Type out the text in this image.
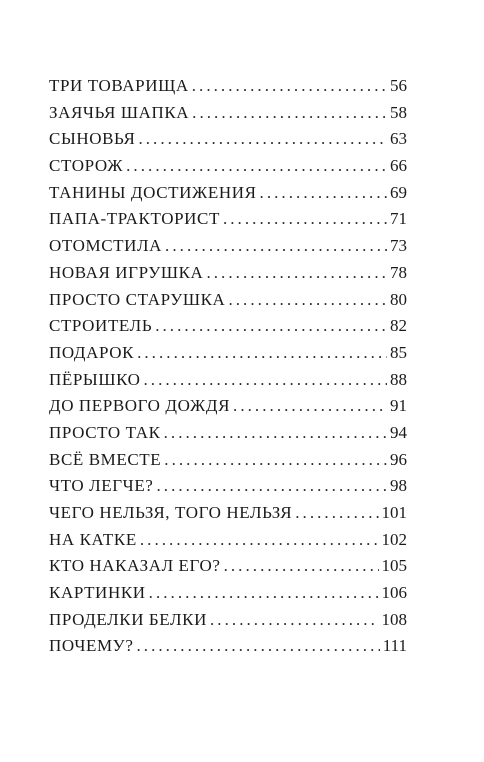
ТРИ ТОВАРИЩА . . .	56
ЗАЯЧЬЯ ШАПКА . . .	58
СЫНОВЬЯ . . .	63
СТОРОЖ . . .	66
ТАНИНЫ ДОСТИЖЕНИЯ . . .	69
ПАПА-ТРАКТОРИСТ . . .	71
ОТОМСТИЛА . . .	73
НОВАЯ ИГРУШКА . . .	78
ПРОСТО СТАРУШКА . . .	80
СТРОИТЕЛЬ . . .	82
ПОДАРОК . . .	85
ПЁРЫШКО . . .	88
ДО ПЕРВОГО ДОЖДЯ . . .	91
ПРОСТО ТАК . . .	94
ВСЁ ВМЕСТЕ . . .	96
ЧТО ЛЕГЧЕ? . . .	98
ЧЕГО НЕЛЬЗЯ, ТОГО НЕЛЬЗЯ . . .	101
НА КАТКЕ . . .	102
КТО НАКАЗАЛ ЕГО? . . .	105
КАРТИНКИ . . .	106
ПРОДЕЛКИ БЕЛКИ . . .	108
ПОЧЕМУ? . . .	111
